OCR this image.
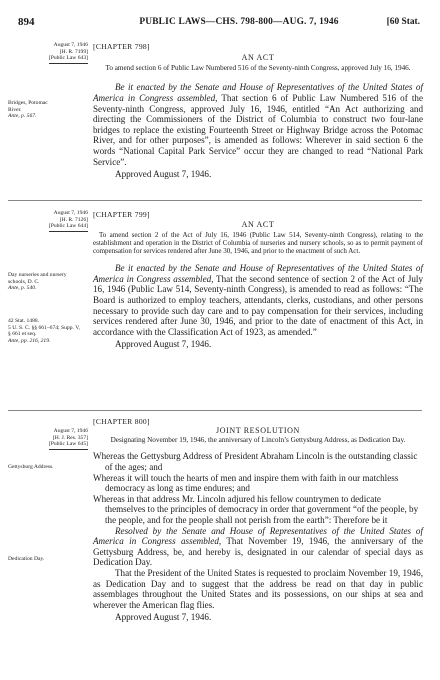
894	PUBLIC LAWS—CHS. 798-800—AUG. 7, 1946	[60 Stat.
August 7, 1946
[H. R. 7199]
[Public Law 643]
Bridges, Potomac River.
Ante, p. 567.
[CHAPTER 798]
AN ACT
To amend section 6 of Public Law Numbered 516 of the Seventy-ninth Congress, approved July 16, 1946.
Be it enacted by the Senate and House of Representatives of the United States of America in Congress assembled, That section 6 of Public Law Numbered 516 of the Seventy-ninth Congress, approved July 16, 1946, entitled “An Act authorizing and directing the Commissioners of the District of Columbia to construct two four-lane bridges to replace the existing Fourteenth Street or Highway Bridge across the Potomac River, and for other purposes”, is amended as follows: Wherever in said section 6 the words “National Capital Park Service” occur they are changed to read “National Park Service”.
Approved August 7, 1946.
August 7, 1946
[H. R. 7126]
[Public Law 644]
Day nurseries and nursery schools, D. C.
Ante, p. 540.
42 Stat. 1488.
5 U. S. C. §§ 661–674; Supp. V, § 661 et seq.
Ante, pp. 216, 219.
[CHAPTER 799]
AN ACT
To amend section 2 of the Act of July 16, 1946 (Public Law 514, Seventy-ninth Congress), relating to the establishment and operation in the District of Columbia of nurseries and nursery schools, so as to permit payment of compensation for services rendered after June 30, 1946, and prior to the enactment of such Act.
Be it enacted by the Senate and House of Representatives of the United States of America in Congress assembled, That the second sentence of section 2 of the Act of July 16, 1946 (Public Law 514, Seventy-ninth Congress), is amended to read as follows: “The Board is authorized to employ teachers, attendants, clerks, custodians, and other persons necessary to provide such day care and to pay compensation for their services, including services rendered after June 30, 1946, and prior to the date of enactment of this Act, in accordance with the Classification Act of 1923, as amended.”
Approved August 7, 1946.
August 7, 1946
[H. J. Res. 357]
[Public Law 645]
Gettysburg Address.
Dedication Day.
[CHAPTER 800]
JOINT RESOLUTION
Designating November 19, 1946, the anniversary of Lincoln’s Gettysburg Address, as Dedication Day.
Whereas the Gettysburg Address of President Abraham Lincoln is the outstanding classic of the ages; and
Whereas it will touch the hearts of men and inspire them with faith in our matchless democracy as long as time endures; and
Whereas in that address Mr. Lincoln adjured his fellow countrymen to dedicate themselves to the principles of democracy in order that government “of the people, by the people, and for the people shall not perish from the earth”: Therefore be it
Resolved by the Senate and House of Representatives of the United States of America in Congress assembled, That November 19, 1946, the anniversary of the Gettysburg Address, be, and hereby is, designated in our calendar of special days as Dedication Day.
That the President of the United States is requested to proclaim November 19, 1946, as Dedication Day and to suggest that the address be read on that day in public assemblages throughout the United States and its possessions, on our ships at sea and wherever the American flag flies.
Approved August 7, 1946.
